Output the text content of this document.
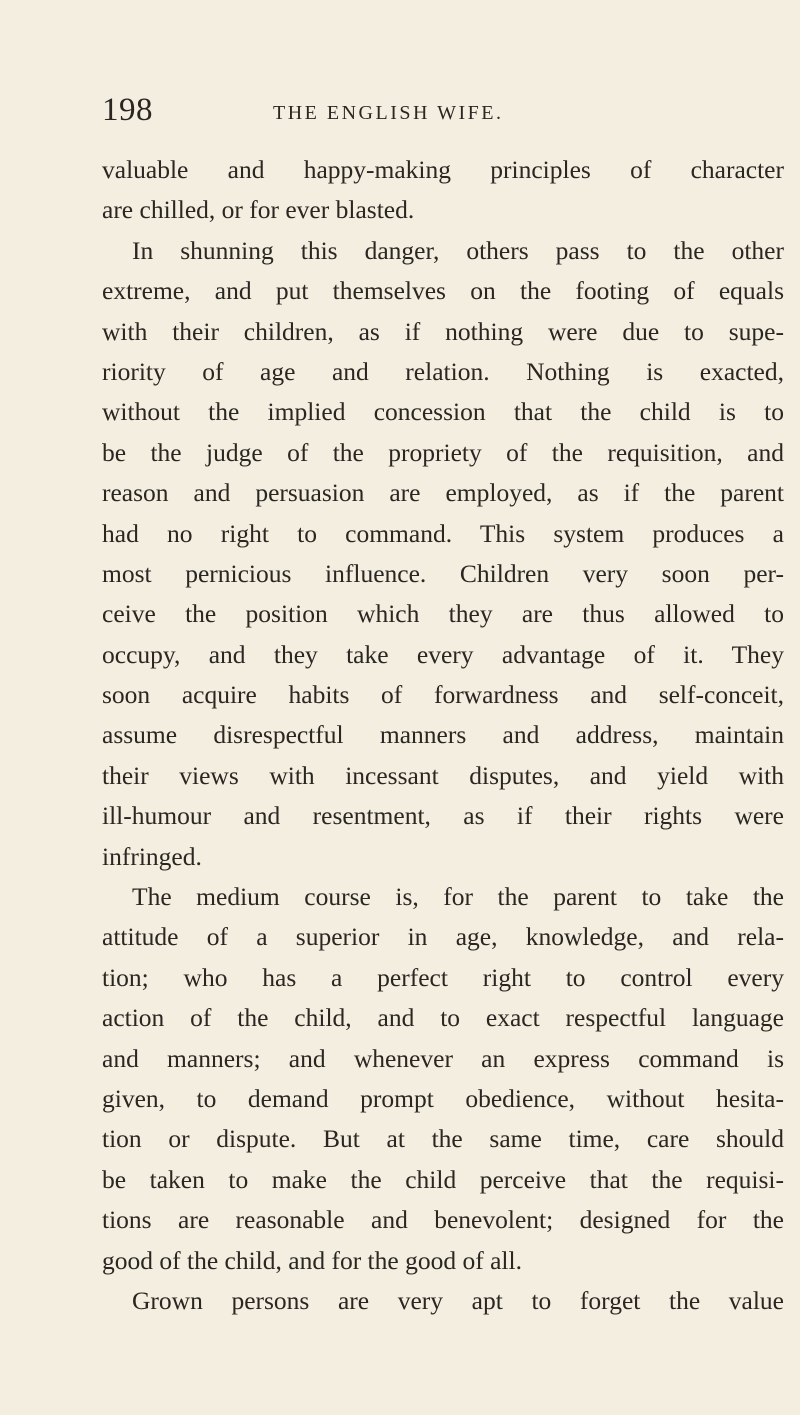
198	THE ENGLISH WIFE.
valuable and happy-making principles of character
are chilled, or for ever blasted.
In shunning this danger, others pass to the other
extreme, and put themselves on the footing of equals
with their children, as if nothing were due to supe-
riority of age and relation. Nothing is exacted,
without the implied concession that the child is to
be the judge of the propriety of the requisition, and
reason and persuasion are employed, as if the parent
had no right to command. This system produces a
most pernicious influence. Children very soon per-
ceive the position which they are thus allowed to
occupy, and they take every advantage of it. They
soon acquire habits of forwardness and self-conceit,
assume disrespectful manners and address, maintain
their views with incessant disputes, and yield with
ill-humour and resentment, as if their rights were
infringed.
The medium course is, for the parent to take the
attitude of a superior in age, knowledge, and rela-
tion; who has a perfect right to control every
action of the child, and to exact respectful language
and manners; and whenever an express command is
given, to demand prompt obedience, without hesita-
tion or dispute. But at the same time, care should
be taken to make the child perceive that the requisi-
tions are reasonable and benevolent; designed for the
good of the child, and for the good of all.
Grown persons are very apt to forget the value
